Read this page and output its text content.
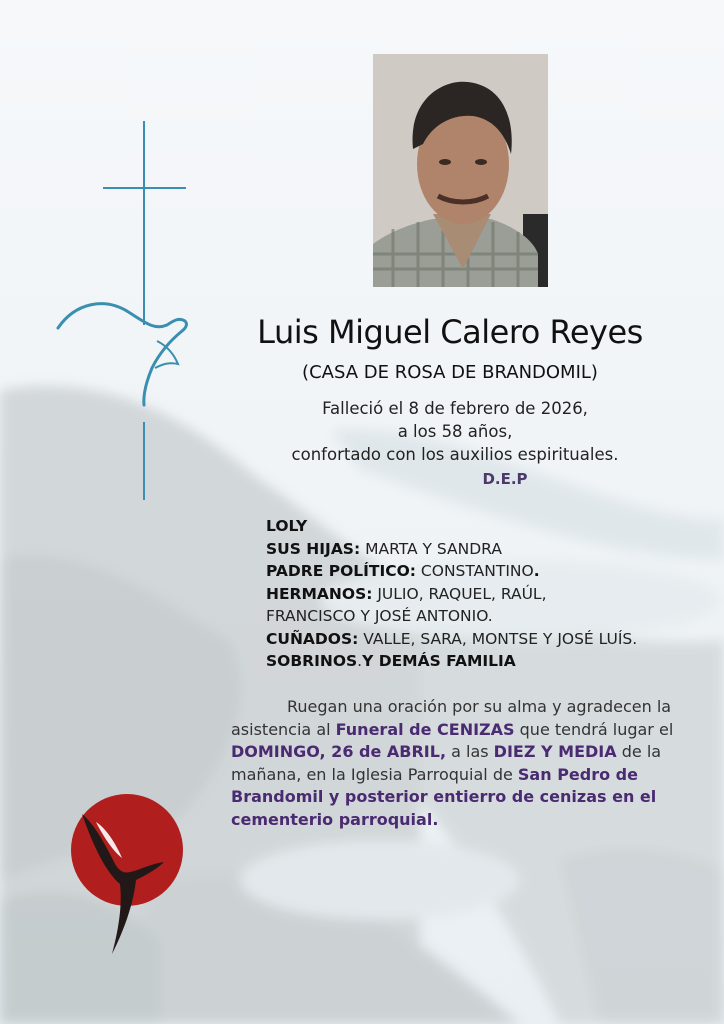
Luis Miguel Calero Reyes
(CASA DE ROSA DE BRANDOMIL)
Falleció el 8 de febrero de 2026,
a los 58 años,
confortado con los auxilios espirituales.
D.E.P
LOLY
SUS HIJAS: MARTA Y SANDRA
PADRE POLÍTICO: CONSTANTINO.
HERMANOS: JULIO, RAQUEL, RAÚL,
FRANCISCO Y JOSÉ ANTONIO.
CUÑADOS: VALLE, SARA, MONTSE Y JOSÉ LUÍS.
SOBRINOS.Y DEMÁS FAMILIA
Ruegan una oración por su alma y agradecen la asistencia al Funeral de CENIZAS que tendrá lugar el DOMINGO, 26 de ABRIL, a las DIEZ Y MEDIA de la mañana, en la Iglesia Parroquial de San Pedro de Brandomil y posterior entierro de cenizas en el cementerio parroquial.
